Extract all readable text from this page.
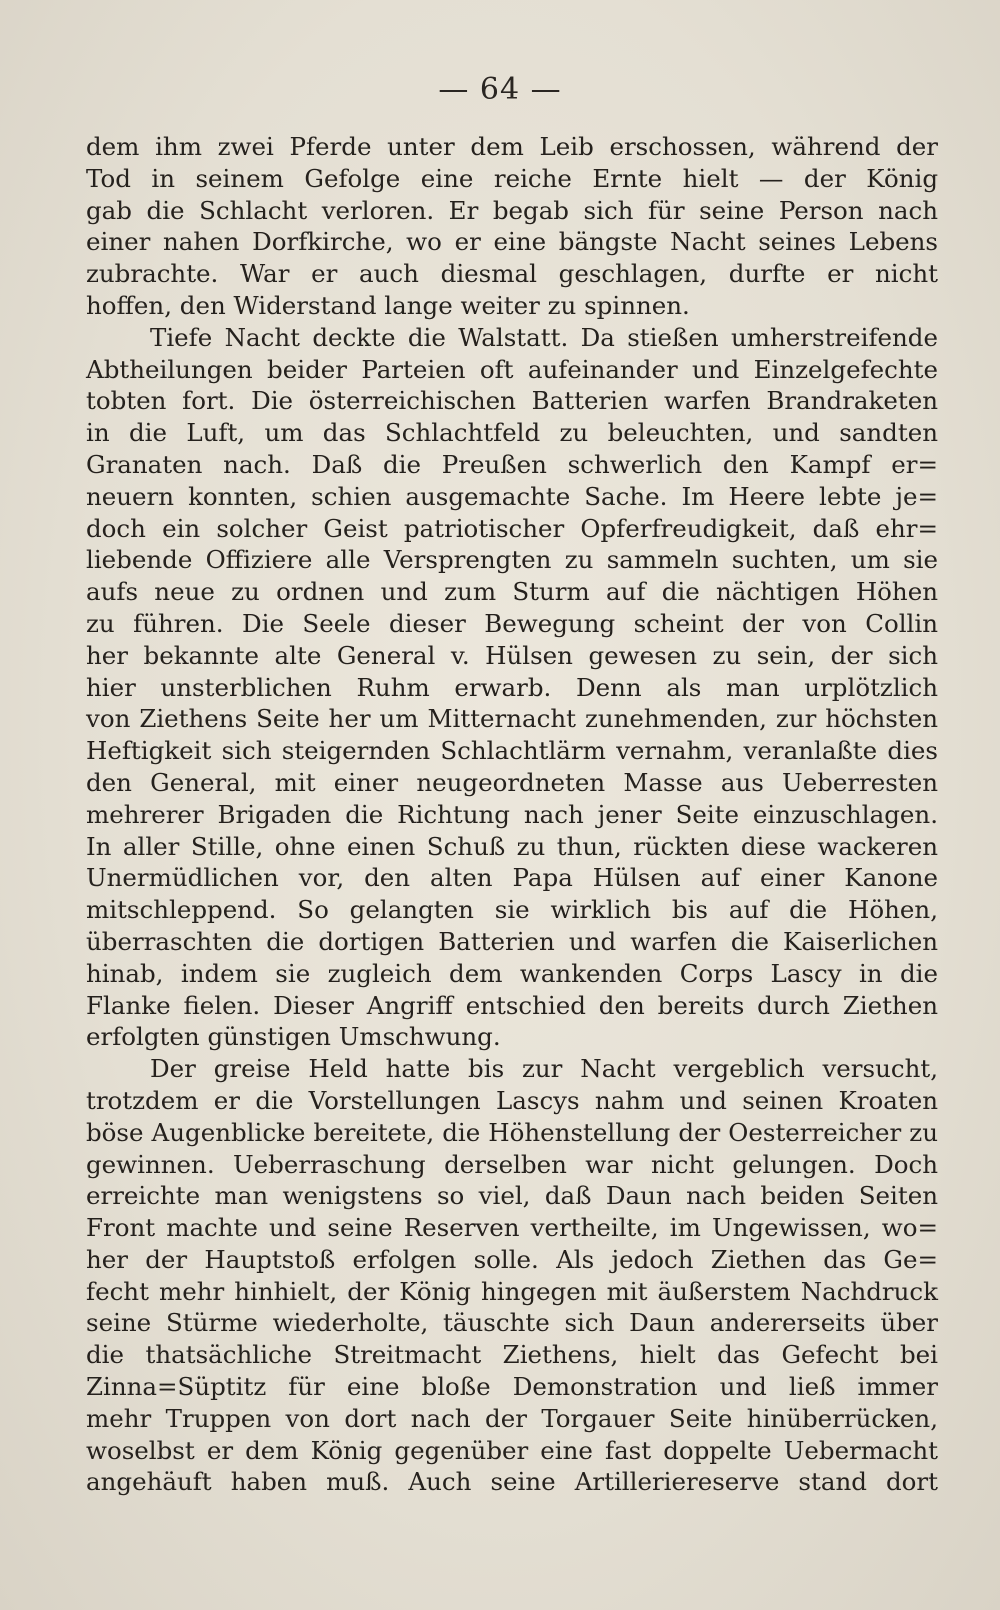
— 64 —
dem ihm zwei Pferde unter dem Leib erschossen, während der
Tod in seinem Gefolge eine reiche Ernte hielt — der König
gab die Schlacht verloren. Er begab sich für seine Person nach
einer nahen Dorfkirche, wo er eine bängste Nacht seines Lebens
zubrachte. War er auch diesmal geschlagen, durfte er nicht
hoffen, den Widerstand lange weiter zu spinnen.
Tiefe Nacht deckte die Walstatt. Da stießen umherstreifende
Abtheilungen beider Parteien oft aufeinander und Einzelgefechte
tobten fort. Die österreichischen Batterien warfen Brandraketen
in die Luft, um das Schlachtfeld zu beleuchten, und sandten
Granaten nach. Daß die Preußen schwerlich den Kampf er=
neuern konnten, schien ausgemachte Sache. Im Heere lebte je=
doch ein solcher Geist patriotischer Opferfreudigkeit, daß ehr=
liebende Offiziere alle Versprengten zu sammeln suchten, um sie
aufs neue zu ordnen und zum Sturm auf die nächtigen Höhen
zu führen. Die Seele dieser Bewegung scheint der von Collin
her bekannte alte General v. Hülsen gewesen zu sein, der sich
hier unsterblichen Ruhm erwarb. Denn als man urplötzlich
von Ziethens Seite her um Mitternacht zunehmenden, zur höchsten
Heftigkeit sich steigernden Schlachtlärm vernahm, veranlaßte dies
den General, mit einer neugeordneten Masse aus Ueberresten
mehrerer Brigaden die Richtung nach jener Seite einzuschlagen.
In aller Stille, ohne einen Schuß zu thun, rückten diese wackeren
Unermüdlichen vor, den alten Papa Hülsen auf einer Kanone
mitschleppend. So gelangten sie wirklich bis auf die Höhen,
überraschten die dortigen Batterien und warfen die Kaiserlichen
hinab, indem sie zugleich dem wankenden Corps Lascy in die
Flanke fielen. Dieser Angriff entschied den bereits durch Ziethen
erfolgten günstigen Umschwung.
Der greise Held hatte bis zur Nacht vergeblich versucht,
trotzdem er die Vorstellungen Lascys nahm und seinen Kroaten
böse Augenblicke bereitete, die Höhenstellung der Oesterreicher zu
gewinnen. Ueberraschung derselben war nicht gelungen. Doch
erreichte man wenigstens so viel, daß Daun nach beiden Seiten
Front machte und seine Reserven vertheilte, im Ungewissen, wo=
her der Hauptstoß erfolgen solle. Als jedoch Ziethen das Ge=
fecht mehr hinhielt, der König hingegen mit äußerstem Nachdruck
seine Stürme wiederholte, täuschte sich Daun andererseits über
die thatsächliche Streitmacht Ziethens, hielt das Gefecht bei
Zinna=Süptitz für eine bloße Demonstration und ließ immer
mehr Truppen von dort nach der Torgauer Seite hinüberrücken,
woselbst er dem König gegenüber eine fast doppelte Uebermacht
angehäuft haben muß. Auch seine Artilleriereserve stand dort
